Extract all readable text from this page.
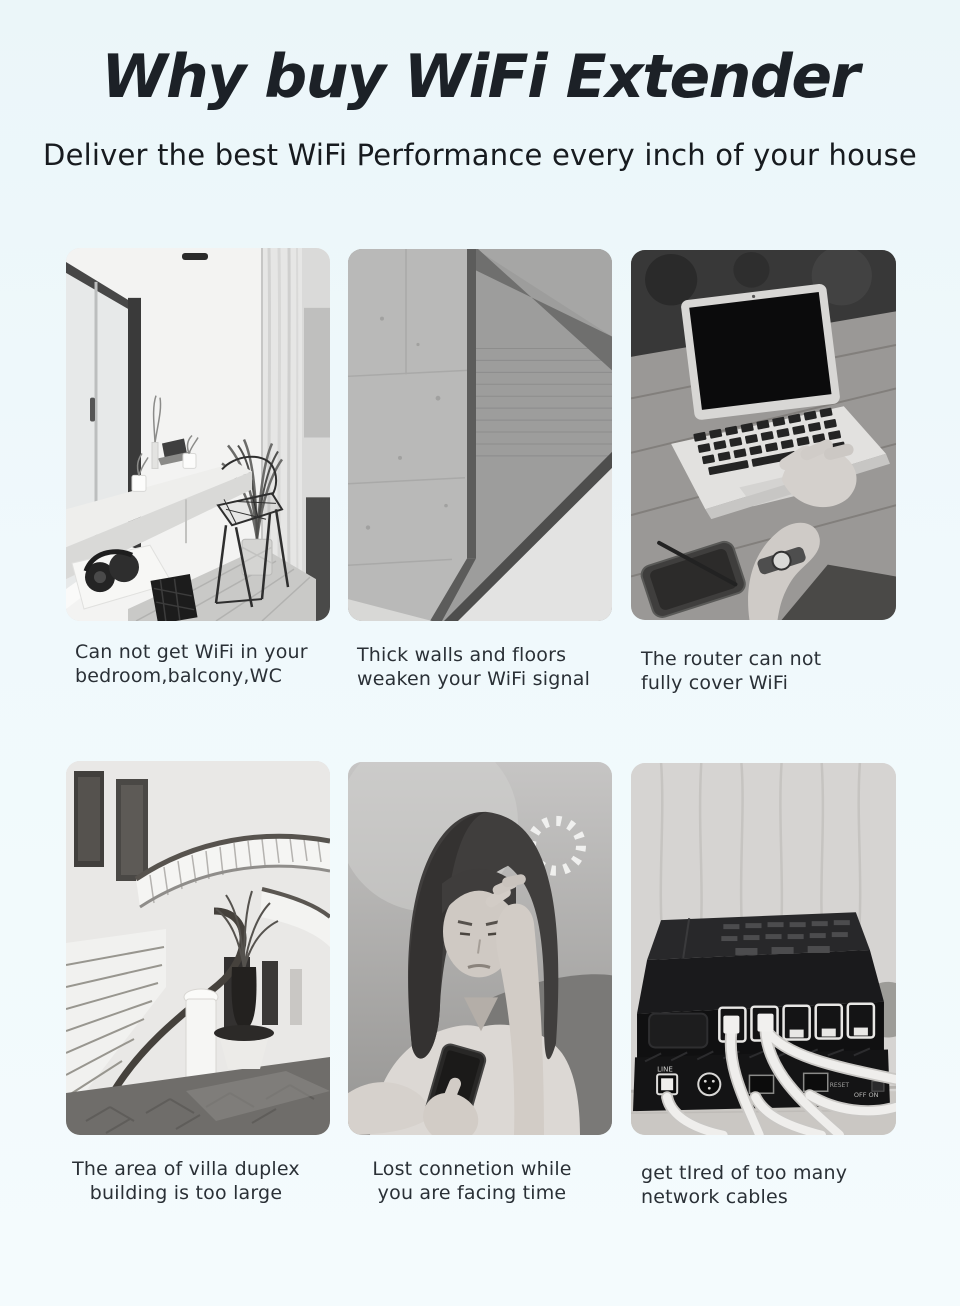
Why buy WiFi Extender

Deliver the best WiFi Performance every inch of your house

Can not get WiFi in your
bedroom,balcony,WC
Thick walls and floors
weaken your WiFi signal
The router can not
fully cover WiFi
The area of villa duplex
building is too large
Lost connetion while
you are facing time
LINE	PWR
RESET
OFF ON
get tIred of too many
network cables
